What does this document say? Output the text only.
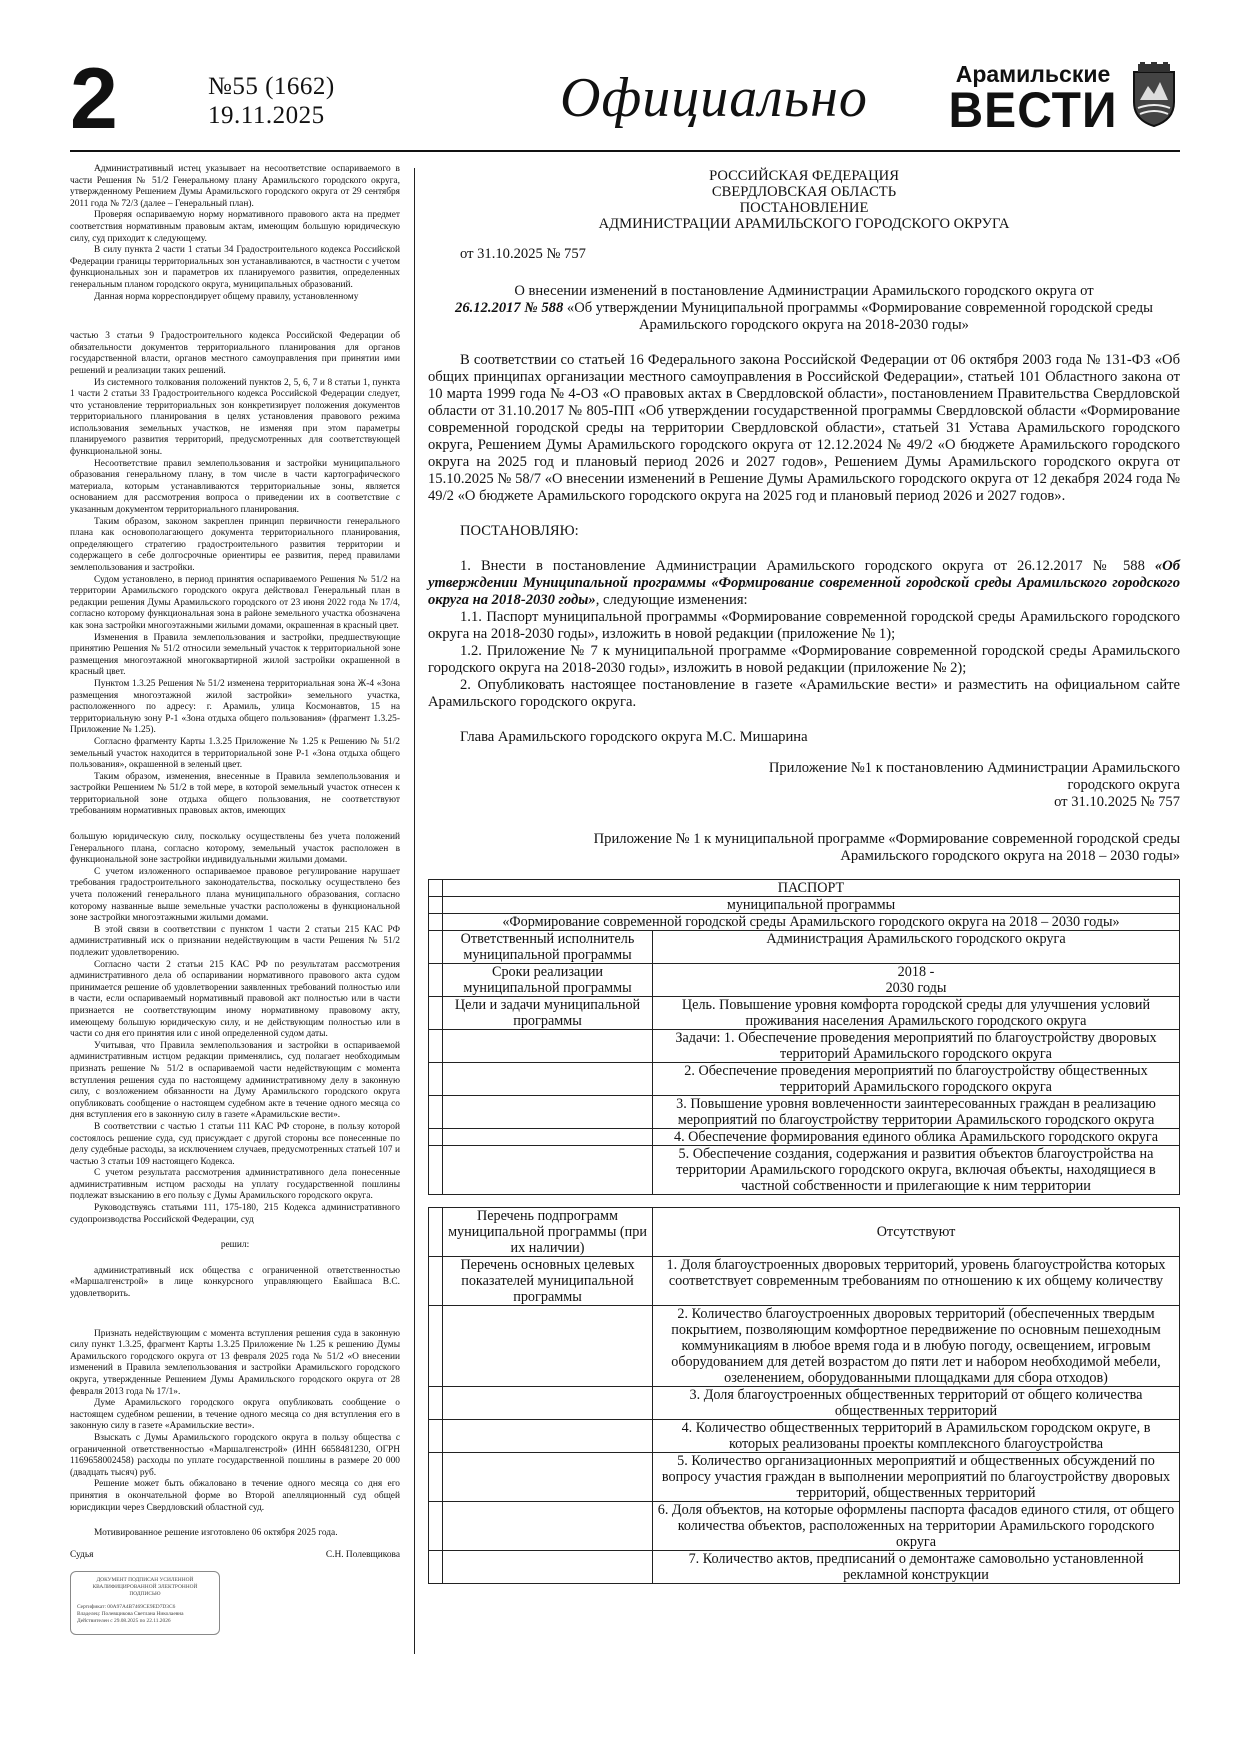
2	№55 (1662)
19.11.2025	Официально	Арамильские
ВЕСТИ

Административный истец указывает на несоответствие оспариваемого в части Решения № 51/2 Генеральному плану Арамильского городского округа, утвержденному Решением Думы Арамильского городского округа от 29 сентября 2011 года № 72/3 (далее – Генеральный план).

Проверяя оспариваемую норму нормативного правового акта на предмет соответствия нормативным правовым актам, имеющим большую юридическую силу, суд приходит к следующему.

В силу пункта 2 части 1 статьи 34 Градостроительного кодекса Российской Федерации границы территориальных зон устанавливаются, в частности с учетом функциональных зон и параметров их планируемого развития, определенных генеральным планом городского округа, муниципальных образований.

Данная норма корреспондирует общему правилу, установленному

частью 3 статьи 9 Градостроительного кодекса Российской Федерации об обязательности документов территориального планирования для органов государственной власти, органов местного самоуправления при принятии ими решений и реализации таких решений.

Из системного толкования положений пунктов 2, 5, 6, 7 и 8 статьи 1, пункта 1 части 2 статьи 33 Градостроительного кодекса Российской Федерации следует, что установление территориальных зон конкретизирует положения документов территориального планирования в целях установления правового режима использования земельных участков, не изменяя при этом параметры планируемого развития территорий, предусмотренных для соответствующей функциональной зоны.

Несоответствие правил землепользования и застройки муниципального образования генеральному плану, в том числе в части картографического материала, которым устанавливаются территориальные зоны, является основанием для рассмотрения вопроса о приведении их в соответствие с указанным документом территориального планирования.

Таким образом, законом закреплен принцип первичности генерального плана как основополагающего документа территориального планирования, определяющего стратегию градостроительного развития территории и содержащего в себе долгосрочные ориентиры ее развития, перед правилами землепользования и застройки.

Судом установлено, в период принятия оспариваемого Решения № 51/2 на территории Арамильского городского округа действовал Генеральный план в редакции решения Думы Арамильского городского от 23 июня 2022 года № 17/4, согласно которому функциональная зона в районе земельного участка обозначена как зона застройки многоэтажными жилыми домами, окрашенная в красный цвет.

Изменения в Правила землепользования и застройки, предшествующие принятию Решения № 51/2 относили земельный участок к территориальной зоне размещения многоэтажной многоквартирной жилой застройки окрашенной в красный цвет.

Пунктом 1.3.25 Решения № 51/2 изменена территориальная зона Ж-4 «Зона размещения многоэтажной жилой застройки» земельного участка, расположенного по адресу: г. Арамиль, улица Космонавтов, 15 на территориальную зону Р-1 «Зона отдыха общего пользования» (фрагмент 1.3.25- Приложение № 1.25).

Согласно фрагменту Карты 1.3.25 Приложение № 1.25 к Решению № 51/2 земельный участок находится в территориальной зоне Р-1 «Зона отдыха общего пользования», окрашенной в зеленый цвет.

Таким образом, изменения, внесенные в Правила землепользования и застройки Решением № 51/2 в той мере, в которой земельный участок отнесен к территориальной зоне отдыха общего пользования, не соответствуют требованиям нормативных правовых актов, имеющих

большую юридическую силу, поскольку осуществлены без учета положений Генерального плана, согласно которому, земельный участок расположен в функциональной зоне застройки индивидуальными жилыми домами.

С учетом изложенного оспариваемое правовое регулирование нарушает требования градостроительного законодательства, поскольку осуществлено без учета положений генерального плана муниципального образования, согласно которому названные выше земельные участки расположены в функциональной зоне застройки многоэтажными жилыми домами.

В этой связи в соответствии с пунктом 1 части 2 статьи 215 КАС РФ административный иск о признании недействующим в части Решения № 51/2 подлежит удовлетворению.

Согласно части 2 статьи 215 КАС РФ по результатам рассмотрения административного дела об оспаривании нормативного правового акта судом принимается решение об удовлетворении заявленных требований полностью или в части, если оспариваемый нормативный правовой акт полностью или в части признается не соответствующим иному нормативному правовому акту, имеющему большую юридическую силу, и не действующим полностью или в части со дня его принятия или с иной определенной судом даты.

Учитывая, что Правила землепользования и застройки в оспариваемой административным истцом редакции применялись, суд полагает необходимым признать решение № 51/2 в оспариваемой части недействующим с момента вступления решения суда по настоящему административному делу в законную силу, с возложением обязанности на Думу Арамильского городского округа опубликовать сообщение о настоящем судебном акте в течение одного месяца со дня вступления его в законную силу в газете «Арамильские вести».

В соответствии с частью 1 статьи 111 КАС РФ стороне, в пользу которой состоялось решение суда, суд присуждает с другой стороны все понесенные по делу судебные расходы, за исключением случаев, предусмотренных статьей 107 и частью 3 статьи 109 настоящего Кодекса.

С учетом результата рассмотрения административного дела понесенные административным истцом расходы на уплату государственной пошлины подлежат взысканию в его пользу с Думы Арамильского городского округа.

Руководствуясь статьями 111, 175-180, 215 Кодекса административного судопроизводства Российской Федерации, суд

решил:

административный иск общества с ограниченной ответственностью «Маршалгенстрой» в лице конкурсного управляющего Евайшаса В.С. удовлетворить.

Признать недействующим с момента вступления решения суда в законную силу пункт 1.3.25, фрагмент Карты 1.3.25 Приложение № 1.25 к решению Думы Арамильского городского округа от 13 февраля 2025 года № 51/2 «О внесении изменений в Правила землепользования и застройки Арамильского городского округа, утвержденные Решением Думы Арамильского городского округа от 28 февраля 2013 года № 17/1».

Думе Арамильского городского округа опубликовать сообщение о настоящем судебном решении, в течение одного месяца со дня вступления его в законную силу в газете «Арамильские вести».

Взыскать с Думы Арамильского городского округа в пользу общества с ограниченной ответственностью «Маршалгенстрой» (ИНН 6658481230, ОГРН 1169658002458) расходы по уплате государственной пошлины в размере 20 000 (двадцать тысяч) руб.

Решение может быть обжаловано в течение одного месяца со дня его принятия в окончательной форме во Второй апелляционный суд общей юрисдикции через Свердловский областной суд.

Мотивированное решение изготовлено 06 октября 2025 года.

Судья	С.Н. Полевщикова
ДОКУМЕНТ ПОДПИСАН УСИЛЕННОЙ КВАЛИФИЦИРОВАННОЙ ЭЛЕКТРОННОЙ ПОДПИСЬЮ
Сертификат: 00A97A4B7469CE9ED7D3C6
Владелец: Полевщикова Светлана Николаевна
Действителен с 29.08.2025 по 22.11.2026
РОССИЙСКАЯ ФЕДЕРАЦИЯ
СВЕРДЛОВСКАЯ ОБЛАСТЬ
ПОСТАНОВЛЕНИЕ
АДМИНИСТРАЦИИ АРАМИЛЬСКОГО ГОРОДСКОГО ОКРУГА
от 31.10.2025 № 757
О внесении изменений в постановление Администрации Арамильского городского округа от
26.12.2017 № 588 «Об утверждении Муниципальной программы «Формирование современной городской среды Арамильского городского округа на 2018-2030 годы»

В соответствии со статьей 16 Федерального закона Российской Федерации от 06 октября 2003 года № 131-ФЗ «Об общих принципах организации местного самоуправления в Российской Федерации», статьей 101 Областного закона от 10 марта 1999 года № 4-ОЗ «О правовых актах в Свердловской области», постановлением Правительства Свердловской области от 31.10.2017 № 805-ПП «Об утверждении государственной программы Свердловской области «Формирование современной городской среды на территории Свердловской области», статьей 31 Устава Арамильского городского округа, Решением Думы Арамильского городского округа от 12.12.2024 № 49/2 «О бюджете Арамильского городского округа на 2025 год и плановый период 2026 и 2027 годов», Решением Думы Арамильского городского округа от 15.10.2025 № 58/7 «О внесении изменений в Решение Думы Арамильского городского округа от 12 декабря 2024 года № 49/2 «О бюджете Арамильского городского округа на 2025 год и плановый период 2026 и 2027 годов».

ПОСТАНОВЛЯЮ:

1. Внести в постановление Администрации Арамильского городского округа от 26.12.2017 № 588 «Об утверждении Муниципальной программы «Формирование современной городской среды Арамильского городского округа на 2018-2030 годы», следующие изменения:

1.1. Паспорт муниципальной программы «Формирование современной городской среды Арамильского городского округа на 2018-2030 годы», изложить в новой редакции (приложение № 1);

1.2. Приложение № 7 к муниципальной программе «Формирование современной городской среды Арамильского городского округа на 2018-2030 годы», изложить в новой редакции (приложение № 2);

2. Опубликовать настоящее постановление в газете «Арамильские вести» и разместить на официальном сайте Арамильского городского округа.

Глава Арамильского городского округа М.С. Мишарина

Приложение №1 к постановлению Администрации Арамильского
городского округа
от 31.10.2025 № 757
Приложение № 1 к муниципальной программе «Формирование современной городской среды
Арамильского городского округа на 2018 – 2030 годы»
	ПАСПОРТ	
	муниципальной программы	
	«Формирование современной городской среды Арамильского городского округа на 2018 – 2030 годы»	
	Ответственный исполнитель муниципальной программы	Администрация Арамильского городского округа
	Сроки реализации муниципальной программы	2018 -
2030 годы

	Цели и задачи муниципальной программы	Цель. Повышение уровня комфорта городской среды для улучшения условий проживания населения Арамильского городского округа
		Задачи: 1. Обеспечение проведения мероприятий по благоустройству дворовых территорий Арамильского городского округа
		2. Обеспечение проведения мероприятий по благоустройству общественных территорий Арамильского городского округа
		3. Повышение уровня вовлеченности заинтересованных граждан в реализацию мероприятий по благоустройству территории Арамильского городского округа
		4. Обеспечение формирования единого облика Арамильского городского округа
		5. Обеспечение создания, содержания и развития объектов благоустройства на территории Арамильского городского округа, включая объекты, находящиеся в частной собственности и прилегающие к ним территории
	Перечень подпрограмм муниципальной программы (при их наличии)	Отсутствуют
	Перечень основных целевых показателей муниципальной программы	1. Доля благоустроенных дворовых территорий, уровень благоустройства которых соответствует современным требованиям по отношению к их общему количеству
		2. Количество благоустроенных дворовых территорий (обеспеченных твердым покрытием, позволяющим комфортное передвижение по основным пешеходным коммуникациям в любое время года и в любую погоду, освещением, игровым оборудованием для детей возрастом до пяти лет и набором необходимой мебели, озеленением, оборудованными площадками для сбора отходов)
		3. Доля благоустроенных общественных территорий от общего количества общественных территорий
		4. Количество общественных территорий в Арамильском городском округе, в которых реализованы проекты комплексного благоустройства
		5. Количество организационных мероприятий и общественных обсуждений по вопросу участия граждан в выполнении мероприятий по благоустройству дворовых территорий, общественных территорий
		6. Доля объектов, на которые оформлены паспорта фасадов единого стиля, от общего количества объектов, расположенных на территории Арамильского городского округа
		7. Количество актов, предписаний о демонтаже самовольно установленной рекламной конструкции
